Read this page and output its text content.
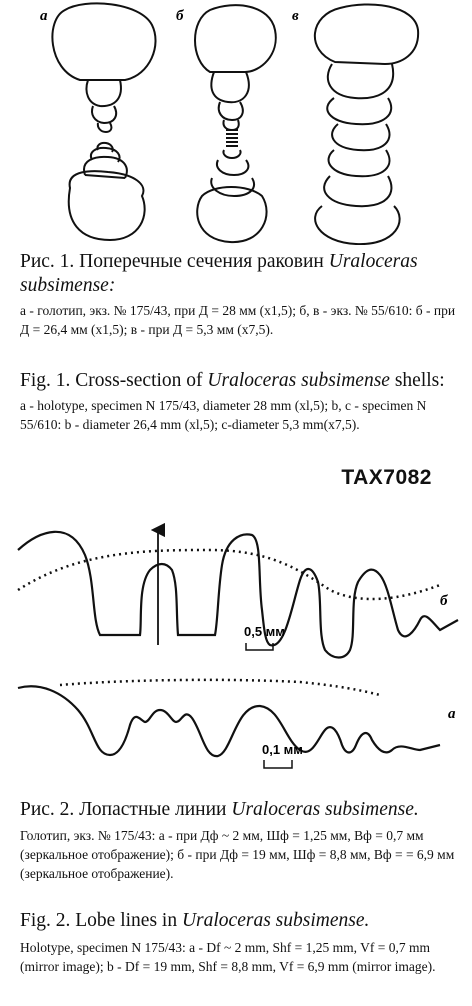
а	б	в
Рис. 1. Поперечные сечения раковин Uraloceras subsimense:
а - голотип, экз. № 175/43, при Д = 28 мм (x1,5); б, в - экз. № 55/610: б - при Д = 26,4 мм (x1,5); в - при Д = 5,3 мм (x7,5).
Fig. 1. Cross-section of Uraloceras subsimense shells:
a - holotype, specimen N 175/43, diameter 28 mm (xl,5); b, c - specimen N 55/610: b - diameter 26,4 mm (xl,5); c-diameter 5,3 mm(x7,5).
TAX7082
б
0,5 мм
а
0,1 мм
Рис. 2. Лопастные линии Uraloceras subsimense.
Голотип, экз. № 175/43: а - при Дф ~ 2 мм, Шф = 1,25 мм, Вф = 0,7 мм (зеркальное отображение); б - при Дф = 19 мм, Шф = 8,8 мм, Вф = = 6,9 мм (зеркальное отображение).
Fig. 2. Lobe lines in Uraloceras subsimense.
Holotype, specimen N 175/43: a - Df ~ 2 mm, Shf = 1,25 mm, Vf = 0,7 mm (mirror image); b - Df = 19 mm, Shf = 8,8 mm, Vf = 6,9 mm (mirror image).
